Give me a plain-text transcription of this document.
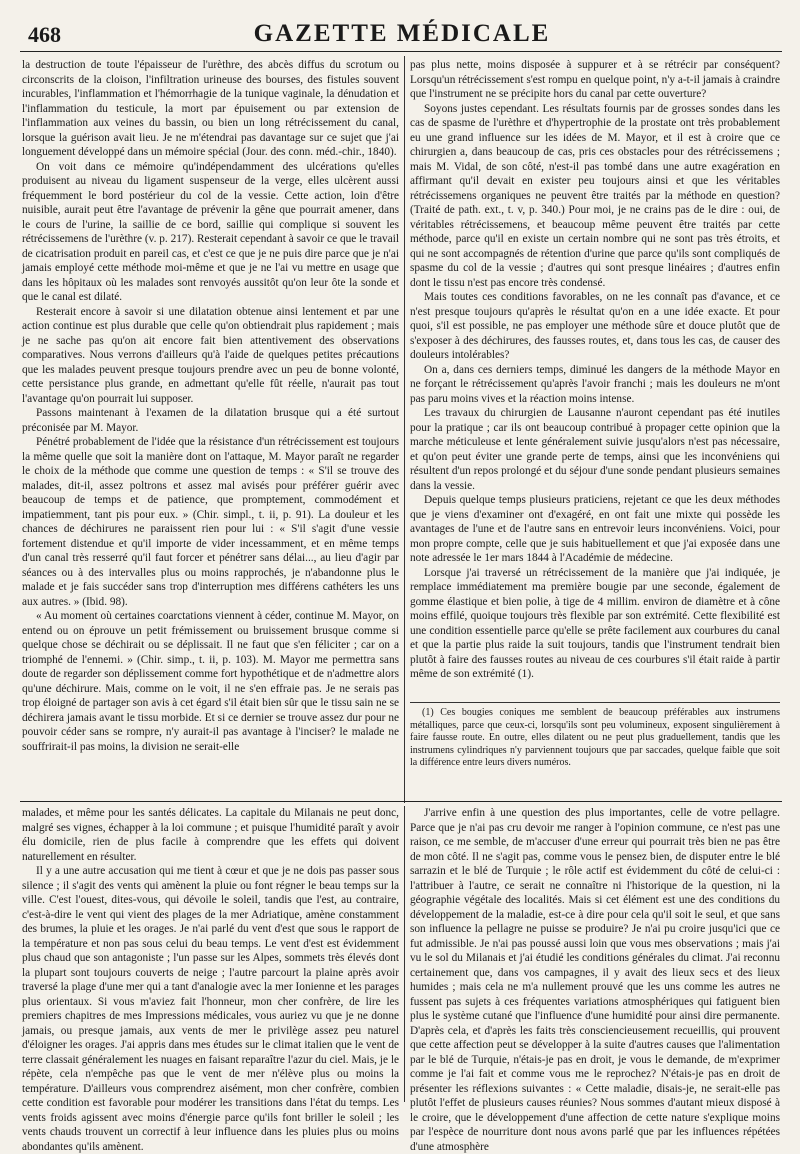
468	GAZETTE MÉDICALE

la destruction de toute l'épaisseur de l'urèthre, des abcès diffus du scrotum ou circonscrits de la cloison, l'infiltration urineuse des bourses, des fistules souvent incurables, l'inflammation et l'hémorrhagie de la tunique vaginale, la dénudation et l'inflammation du testicule, la mort par épuisement ou par extension de l'inflammation aux veines du bassin, ou bien un long rétrécissement du canal, lorsque la guérison avait lieu. Je ne m'étendrai pas davantage sur ce sujet que j'ai longuement développé dans un mémoire spécial (Jour. des conn. méd.-chir., 1840).

On voit dans ce mémoire qu'indépendamment des ulcérations qu'elles produisent au niveau du ligament suspenseur de la verge, elles ulcèrent aussi fréquemment le bord postérieur du col de la vessie. Cette action, loin d'être nuisible, aurait peut être l'avantage de prévenir la gêne que pourrait amener, dans le cours de l'urine, la saillie de ce bord, saillie qui complique si souvent les rétrécissemens de l'urèthre (v. p. 217). Resterait cependant à savoir ce que le travail de cicatrisation produit en pareil cas, et c'est ce que je ne puis dire parce que je n'ai jamais employé cette méthode moi-même et que je ne l'ai vu mettre en usage que dans les hôpitaux où les malades sont renvoyés aussitôt qu'on leur ôte la sonde et que le canal est dilaté.

Resterait encore à savoir si une dilatation obtenue ainsi lentement et par une action continue est plus durable que celle qu'on obtiendrait plus rapidement ; mais je ne sache pas qu'on ait encore fait bien attentivement des observations comparatives. Nous verrons d'ailleurs qu'à l'aide de quelques petites précautions que les malades peuvent presque toujours prendre avec un peu de bonne volonté, cette persistance plus grande, en admettant qu'elle fût réelle, n'aurait pas tout l'avantage qu'on pourrait lui supposer.

Passons maintenant à l'examen de la dilatation brusque qui a été surtout préconisée par M. Mayor.

Pénétré probablement de l'idée que la résistance d'un rétrécissement est toujours la même quelle que soit la manière dont on l'attaque, M. Mayor paraît ne regarder le choix de la méthode que comme une question de temps : « S'il se trouve des malades, dit-il, assez poltrons et assez mal avisés pour préférer guérir avec beaucoup de temps et de patience, que promptement, commodément et impatiemment, tant pis pour eux. » (Chir. simpl., t. ii, p. 91). La douleur et les chances de déchirures ne paraissent rien pour lui : « S'il s'agit d'une vessie fortement distendue et qu'il importe de vider incessamment, et en même temps d'un canal très resserré qu'il faut forcer et pénétrer sans délai..., au lieu d'agir par séances ou à des intervalles plus ou moins rapprochés, je n'abandonne plus le malade et je fais succéder sans trop d'interruption mes différens cathéters les uns aux autres. » (Ibid. 98).

« Au moment où certaines coarctations viennent à céder, continue M. Mayor, on entend ou on éprouve un petit frémissement ou bruissement brusque comme si quelque chose se déchirait ou se déplissait. Il ne faut que s'en féliciter ; car on a triomphé de l'ennemi. » (Chir. simp., t. ii, p. 103). M. Mayor me permettra sans doute de regarder son déplissement comme fort hypothétique et de n'admettre alors qu'une déchirure. Mais, comme on le voit, il ne s'en effraie pas. Je ne serais pas trop éloigné de partager son avis à cet égard s'il était bien sûr que le tissu sain ne se déchirera jamais avant le tissu morbide. Et si ce dernier se trouve assez dur pour ne pouvoir céder sans se rompre, n'y aurait-il pas avantage à l'inciser? le malade ne souffrirait-il pas moins, la division ne serait-elle

pas plus nette, moins disposée à suppurer et à se rétrécir par conséquent? Lorsqu'un rétrécissement s'est rompu en quelque point, n'y a-t-il jamais à craindre que l'instrument ne se précipite hors du canal par cette ouverture?

Soyons justes cependant. Les résultats fournis par de grosses sondes dans les cas de spasme de l'urèthre et d'hypertrophie de la prostate ont très probablement eu une grand influence sur les idées de M. Mayor, et il est à croire que ce chirurgien a, dans beaucoup de cas, pris ces obstacles pour des rétrécissemens ; mais M. Vidal, de son côté, n'est-il pas tombé dans une autre exagération en affirmant qu'il devait en exister peu toujours ainsi et que les véritables rétrécissemens organiques ne peuvent être traités par la méthode en question? (Traité de path. ext., t. v, p. 340.) Pour moi, je ne crains pas de le dire : oui, de véritables rétrécissemens, et beaucoup même peuvent être traités par cette méthode, parce qu'il en existe un certain nombre qui ne sont pas très étroits, et qui ne sont accompagnés de rétention d'urine que parce qu'ils sont compliqués de spasme du col de la vessie ; d'autres qui sont presque linéaires ; d'autres enfin dont le tissu n'est pas encore très condensé.

Mais toutes ces conditions favorables, on ne les connaît pas d'avance, et ce n'est presque toujours qu'après le résultat qu'on en a une idée exacte. Et pour quoi, s'il est possible, ne pas employer une méthode sûre et douce plutôt que de s'exposer à des déchirures, des fausses routes, et, dans tous les cas, de causer des douleurs intolérables?

On a, dans ces derniers temps, diminué les dangers de la méthode Mayor en ne forçant le rétrécissement qu'après l'avoir franchi ; mais les douleurs ne m'ont pas paru moins vives et la réaction moins intense.

Les travaux du chirurgien de Lausanne n'auront cependant pas été inutiles pour la pratique ; car ils ont beaucoup contribué à propager cette opinion que la marche méticuleuse et lente généralement suivie jusqu'alors n'est pas nécessaire, et qu'on peut éviter une grande perte de temps, ainsi que les inconvéniens qui résultent d'un repos prolongé et du séjour d'une sonde pendant plusieurs semaines dans la vessie.

Depuis quelque temps plusieurs praticiens, rejetant ce que les deux méthodes que je viens d'examiner ont d'exagéré, en ont fait une mixte qui possède les avantages de l'une et de l'autre sans en entrevoir leurs inconvéniens. Voici, pour mon propre compte, celle que je suis habituellement et que j'ai exposée dans une note adressée le 1er mars 1844 à l'Académie de médecine.

Lorsque j'ai traversé un rétrécissement de la manière que j'ai indiquée, je remplace immédiatement ma première bougie par une seconde, également de gomme élastique et bien polie, à tige de 4 millim. environ de diamètre et à cône moins effilé, quoique toujours très flexible par son extrémité. Cette flexibilité est une condition essentielle parce qu'elle se prête facilement aux courbures du canal et que la partie plus raide la suit toujours, tandis que l'instrument tendrait bien plutôt à faire des fausses routes au niveau de ces courbures s'il était raide à partir même de son extrémité (1).

(1) Ces bougies coniques me semblent de beaucoup préférables aux instrumens métalliques, parce que ceux-ci, lorsqu'ils sont peu volumineux, exposent singulièrement à faire fausse route. En outre, elles dilatent ou ne peut plus graduellement, tandis que les instrumens cylindriques n'y parviennent toujours que par saccades, quelque faible que soit la différence entre leurs divers numéros.

malades, et même pour les santés délicates. La capitale du Milanais ne peut donc, malgré ses vignes, échapper à la loi commune ; et puisque l'humidité paraît y avoir élu domicile, rien de plus facile à comprendre que les effets qui doivent naturellement en résulter.

Il y a une autre accusation qui me tient à cœur et que je ne dois pas passer sous silence ; il s'agit des vents qui amènent la pluie ou font régner le beau temps sur la ville. C'est l'ouest, dites-vous, qui dévoile le soleil, tandis que l'est, au contraire, c'est-à-dire le vent qui vient des plages de la mer Adriatique, amène constamment des brumes, la pluie et les orages. Je n'ai parlé du vent d'est que sous le rapport de la température et non pas sous celui du beau temps. Le vent d'est est évidemment plus chaud que son antagoniste ; l'un passe sur les Alpes, sommets très élevés dont la plupart sont toujours couverts de neige ; l'autre parcourt la plaine après avoir traversé la plage d'une mer qui a tant d'analogie avec la mer Ionienne et les parages plus orientaux. Si vous m'aviez fait l'honneur, mon cher confrère, de lire les premiers chapitres de mes Impressions médicales, vous auriez vu que je ne donne jamais, ou presque jamais, aux vents de mer le privilège assez peu naturel d'éloigner les orages. J'ai appris dans mes études sur le climat italien que le vent de terre classait généralement les nuages en faisant reparaître l'azur du ciel. Mais, je le répète, cela n'empêche pas que le vent de mer n'élève plus ou moins la température. D'ailleurs vous comprendrez aisément, mon cher confrère, combien cette condition est favorable pour modérer les transitions dans l'état du temps. Les vents froids agissent avec moins d'énergie parce qu'ils font briller le soleil ; les vents chauds trouvent un correctif à leur influence dans les pluies plus ou moins abondantes qu'ils amènent.

J'arrive enfin à une question des plus importantes, celle de votre pellagre. Parce que je n'ai pas cru devoir me ranger à l'opinion commune, ce n'est pas une raison, ce me semble, de m'accuser d'une erreur qui pourrait très bien ne pas être de mon côté. Il ne s'agit pas, comme vous le pensez bien, de disputer entre le blé sarrazin et le blé de Turquie ; le rôle actif est évidemment du côté de celui-ci : l'attribuer à l'autre, ce serait ne connaître ni l'historique de la question, ni la géographie végétale des localités. Mais si cet élément est une des conditions du développement de la maladie, est-ce à dire pour cela qu'il soit le seul, et que sans son influence la pellagre ne puisse se produire? Je n'ai pu croire jusqu'ici que ce fut admissible. Je n'ai pas poussé aussi loin que vous mes observations ; mais j'ai vu le sol du Milanais et j'ai étudié les conditions générales du climat. J'ai reconnu certainement que, dans vos campagnes, il y avait des lieux secs et des lieux humides ; mais cela ne m'a nullement prouvé que les uns comme les autres ne fussent pas sujets à ces fréquentes variations atmosphériques qui fatiguent bien plus le système cutané que l'influence d'une humidité pour ainsi dire permanente. D'après cela, et d'après les faits très consciencieusement recueillis, qui prouvent que cette affection peut se développer à la suite d'autres causes que l'alimentation par le blé de Turquie, n'étais-je pas en droit, je vous le demande, de m'exprimer comme je l'ai fait et comme vous me le reprochez? N'étais-je pas en droit de présenter les réflexions suivantes : « Cette maladie, disais-je, ne serait-elle pas plutôt l'effet de plusieurs causes réunies? Nous sommes d'autant mieux disposé à le croire, que le développement d'une affection de cette nature s'explique moins par l'espèce de nourriture dont nous avons parlé que par les influences répétées d'une atmosphère
